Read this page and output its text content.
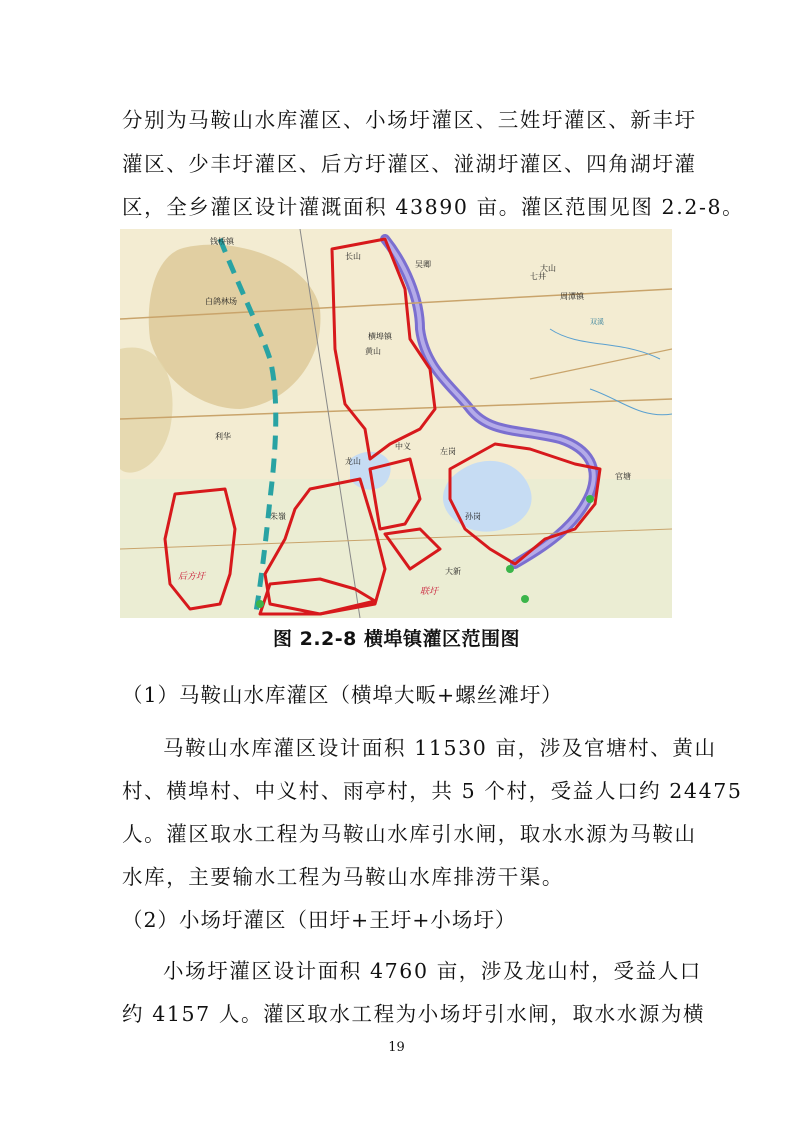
分别为马鞍山水库灌区、小场圩灌区、三姓圩灌区、新丰圩

灌区、少丰圩灌区、后方圩灌区、湴湖圩灌区、四角湖圩灌

区，全乡灌区设计灌溉面积 43890 亩。灌区范围见图 2.2-8。

横埠镇
周潭镇
黄山
中义
龙山
左岗
孙岗
利华
朱嶺
后方圩
吴卿
七井
大山
长山
官塘
大新
联圩
钱桥镇
白鸽林场
双溪

图 2.2-8 横埠镇灌区范围图

（1）马鞍山水库灌区（横埠大畈+螺丝滩圩）

马鞍山水库灌区设计面积 11530 亩，涉及官塘村、黄山

村、横埠村、中义村、雨亭村，共 5 个村，受益人口约 24475

人。灌区取水工程为马鞍山水库引水闸，取水水源为马鞍山

水库，主要输水工程为马鞍山水库排涝干渠。

（2）小场圩灌区（田圩+王圩+小场圩）

小场圩灌区设计面积 4760 亩，涉及龙山村，受益人口

约 4157 人。灌区取水工程为小场圩引水闸，取水水源为横

19
